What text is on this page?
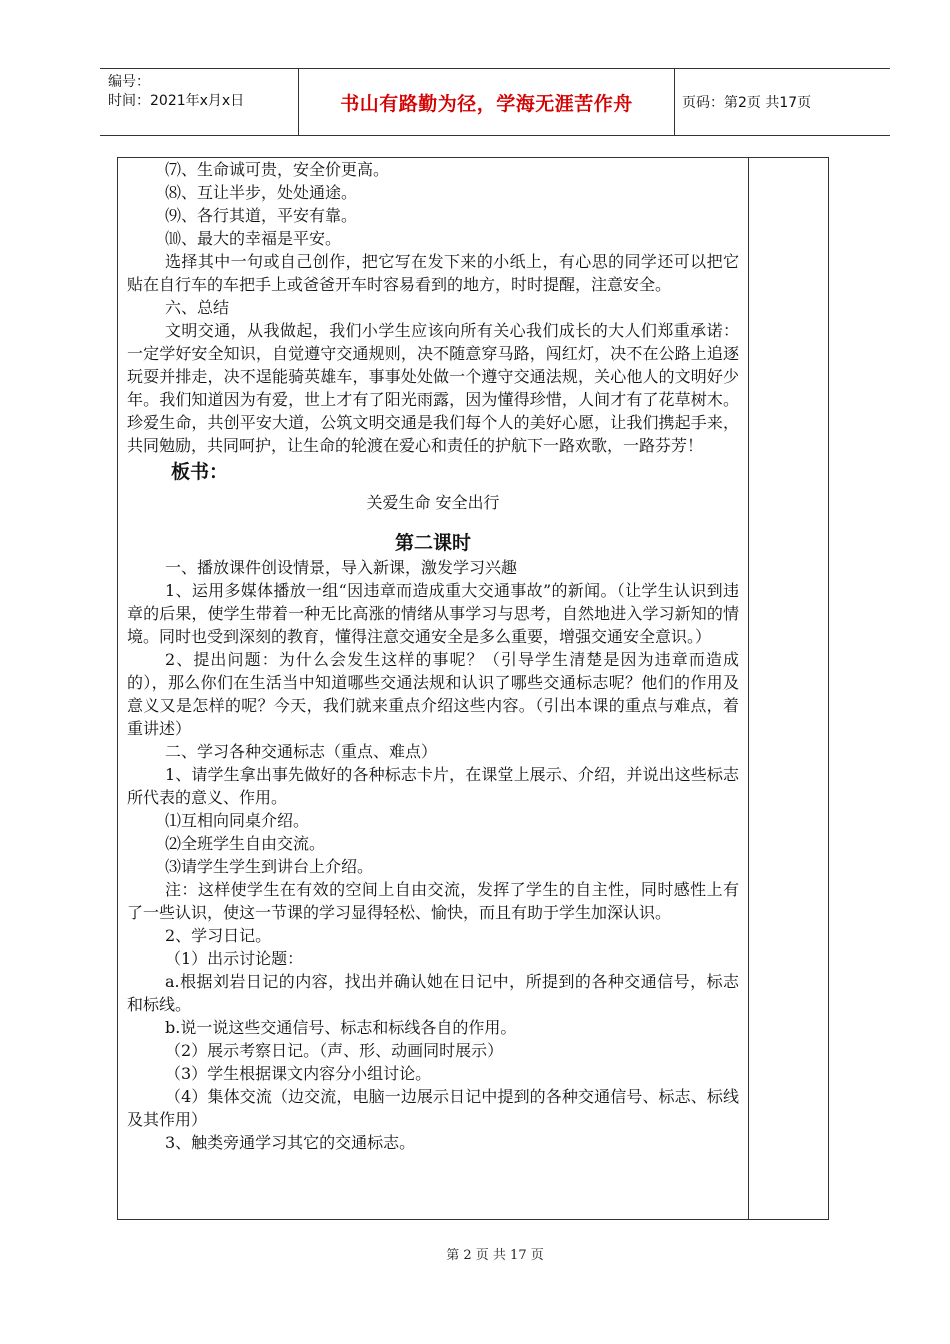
编号：
时间：2021年x月x日	书山有路勤为径，学海无涯苦作舟	页码：第2页 共17页

⑺、生命诚可贵，安全价更高。

⑻、互让半步，处处通途。

⑼、各行其道，平安有靠。

⑽、最大的幸福是平安。

选择其中一句或自己创作，把它写在发下来的小纸上，有心思的同学还可以把它贴在自行车的车把手上或爸爸开车时容易看到的地方，时时提醒，注意安全。

六、总结

文明交通，从我做起，我们小学生应该向所有关心我们成长的大人们郑重承诺：一定学好安全知识，自觉遵守交通规则，决不随意穿马路，闯红灯，决不在公路上追逐玩耍并排走，决不逞能骑英雄车，事事处处做一个遵守交通法规，关心他人的文明好少年。我们知道因为有爱，世上才有了阳光雨露，因为懂得珍惜，人间才有了花草树木。珍爱生命，共创平安大道，公筑文明交通是我们每个人的美好心愿，让我们携起手来，共同勉励，共同呵护，让生命的轮渡在爱心和责任的护航下一路欢歌，一路芬芳！

板书：

关爱生命 安全出行

第二课时

一、播放课件创设情景，导入新课，激发学习兴趣

1、运用多媒体播放一组“因违章而造成重大交通事故”的新闻。（让学生认识到违章的后果，使学生带着一种无比高涨的情绪从事学习与思考，自然地进入学习新知的情境。同时也受到深刻的教育，懂得注意交通安全是多么重要，增强交通安全意识。）

2、提出问题：为什么会发生这样的事呢？（引导学生清楚是因为违章而造成的），那么你们在生活当中知道哪些交通法规和认识了哪些交通标志呢？他们的作用及意义又是怎样的呢？今天，我们就来重点介绍这些内容。（引出本课的重点与难点，着重讲述）

二、学习各种交通标志（重点、难点）

1、请学生拿出事先做好的各种标志卡片，在课堂上展示、介绍，并说出这些标志所代表的意义、作用。

⑴互相向同桌介绍。

⑵全班学生自由交流。

⑶请学生学生到讲台上介绍。

注：这样使学生在有效的空间上自由交流，发挥了学生的自主性，同时感性上有了一些认识，使这一节课的学习显得轻松、愉快，而且有助于学生加深认识。

2、学习日记。

（1）出示讨论题：

a.根据刘岩日记的内容，找出并确认她在日记中，所提到的各种交通信号，标志和标线。

b.说一说这些交通信号、标志和标线各自的作用。

（2）展示考察日记。（声、形、动画同时展示）

（3）学生根据课文内容分小组讨论。

（4）集体交流（边交流，电脑一边展示日记中提到的各种交通信号、标志、标线及其作用）

3、触类旁通学习其它的交通标志。

第 2 页 共 17 页
